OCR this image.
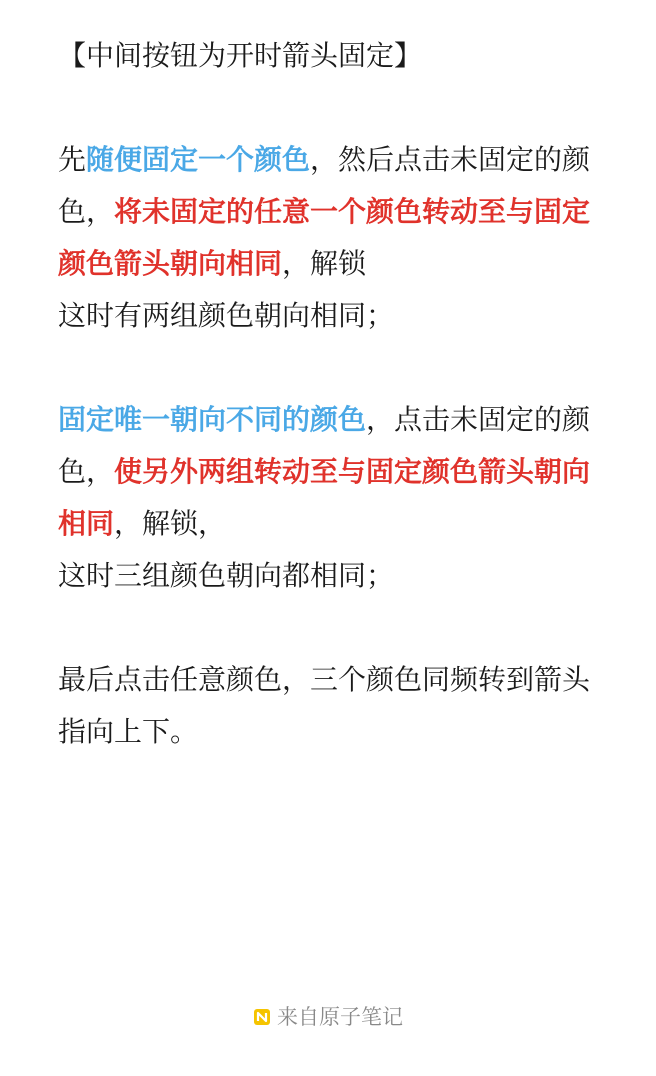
【中间按钮为开时箭头固定】

先随便固定一个颜色，然后点击未固定的颜色，将未固定的任意一个颜色转动至与固定颜色箭头朝向相同，解锁

这时有两组颜色朝向相同；

固定唯一朝向不同的颜色，点击未固定的颜色，使另外两组转动至与固定颜色箭头朝向相同，解锁，

这时三组颜色朝向都相同；

最后点击任意颜色，三个颜色同频转到箭头指向上下。

来自原子笔记
